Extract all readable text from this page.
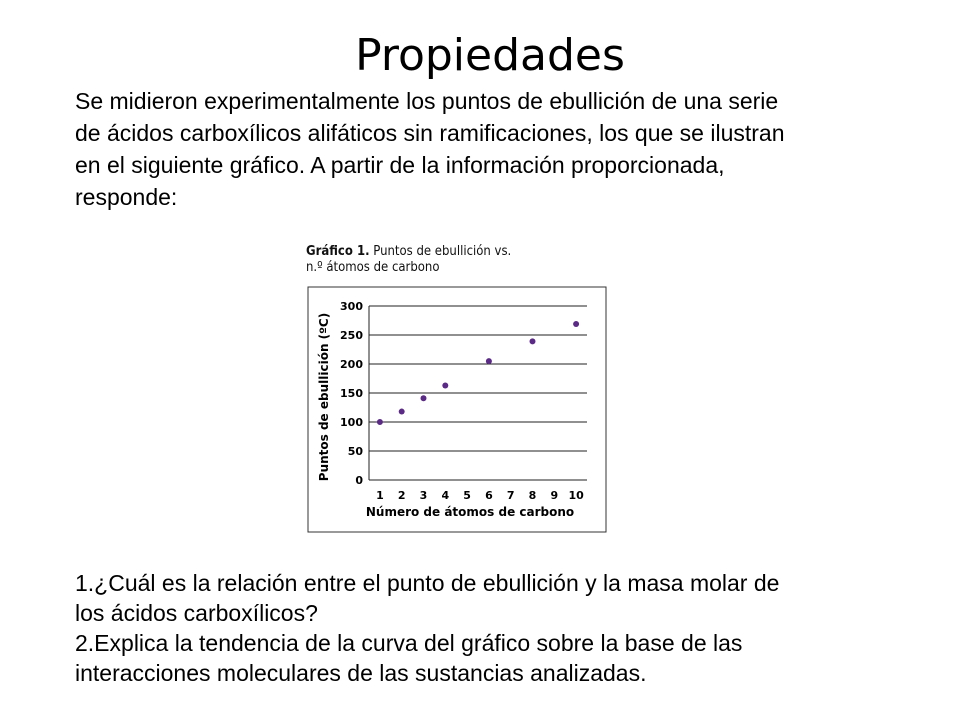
Propiedades
Se midieron experimentalmente los puntos de ebullición de una serie
de ácidos carboxílicos alifáticos sin ramificaciones, los que se ilustran
en el siguiente gráfico. A partir de la información proporcionada,
responde:
Gráfico 1. Puntos de ebullición vs.
n.º átomos de carbono
0
50
100
150
200
250
300
1 2 3 4 5 6 7 8 9 10
Número de átomos de carbono
Puntos de ebullición (ºC)
1.¿Cuál es la relación entre el punto de ebullición y la masa molar de
los ácidos carboxílicos?
2.Explica la tendencia de la curva del gráfico sobre la base de las
interacciones moleculares de las sustancias analizadas.
